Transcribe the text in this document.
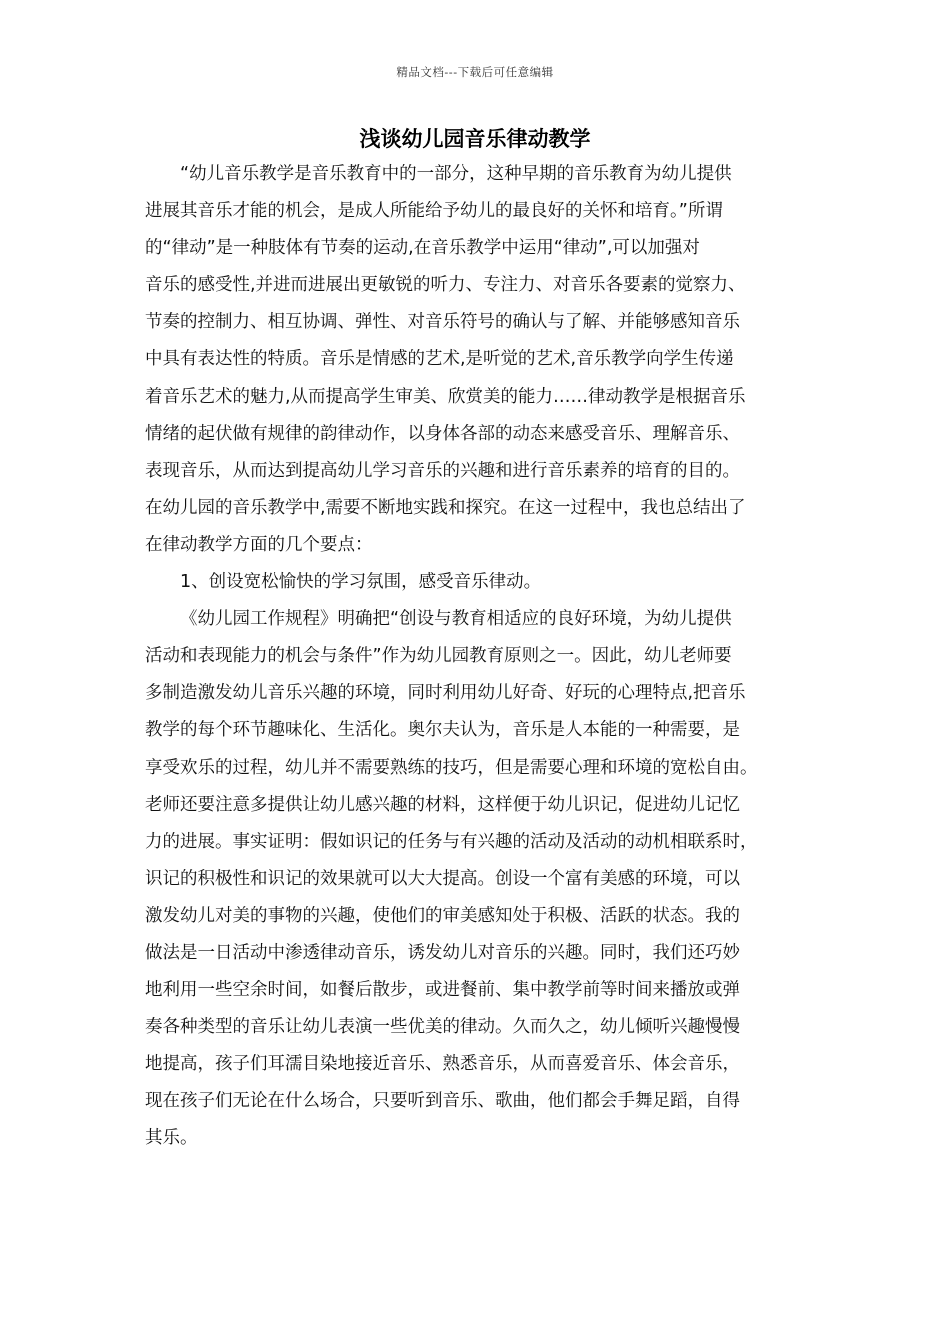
精品文档---下载后可任意编辑
浅谈幼儿园音乐律动教学
“幼儿音乐教学是音乐教育中的一部分，这种早期的音乐教育为幼儿提供
进展其音乐才能的机会，是成人所能给予幼儿的最良好的关怀和培育。”所谓
的“律动”是一种肢体有节奏的运动,在音乐教学中运用“律动”,可以加强对
音乐的感受性,并进而进展出更敏锐的听力、专注力、对音乐各要素的觉察力、
节奏的控制力、相互协调、弹性、对音乐符号的确认与了解、并能够感知音乐
中具有表达性的特质。音乐是情感的艺术,是听觉的艺术,音乐教学向学生传递
着音乐艺术的魅力,从而提高学生审美、欣赏美的能力……律动教学是根据音乐
情绪的起伏做有规律的韵律动作，以身体各部的动态来感受音乐、理解音乐、
表现音乐，从而达到提高幼儿学习音乐的兴趣和进行音乐素养的培育的目的。
在幼儿园的音乐教学中,需要不断地实践和探究。在这一过程中，我也总结出了
在律动教学方面的几个要点：
1、创设宽松愉快的学习氛围，感受音乐律动。
《幼儿园工作规程》明确把“创设与教育相适应的良好环境，为幼儿提供
活动和表现能力的机会与条件”作为幼儿园教育原则之一。因此，幼儿老师要
多制造激发幼儿音乐兴趣的环境，同时利用幼儿好奇、好玩的心理特点,把音乐
教学的每个环节趣味化、生活化。奥尔夫认为，音乐是人本能的一种需要，是
享受欢乐的过程，幼儿并不需要熟练的技巧，但是需要心理和环境的宽松自由。
老师还要注意多提供让幼儿感兴趣的材料，这样便于幼儿识记，促进幼儿记忆
力的进展。事实证明：假如识记的任务与有兴趣的活动及活动的动机相联系时，
识记的积极性和识记的效果就可以大大提高。创设一个富有美感的环境，可以
激发幼儿对美的事物的兴趣，使他们的审美感知处于积极、活跃的状态。我的
做法是一日活动中渗透律动音乐，诱发幼儿对音乐的兴趣。同时，我们还巧妙
地利用一些空余时间，如餐后散步，或进餐前、集中教学前等时间来播放或弹
奏各种类型的音乐让幼儿表演一些优美的律动。久而久之，幼儿倾听兴趣慢慢
地提高，孩子们耳濡目染地接近音乐、熟悉音乐，从而喜爱音乐、体会音乐，
现在孩子们无论在什么场合，只要听到音乐、歌曲，他们都会手舞足蹈，自得
其乐。
